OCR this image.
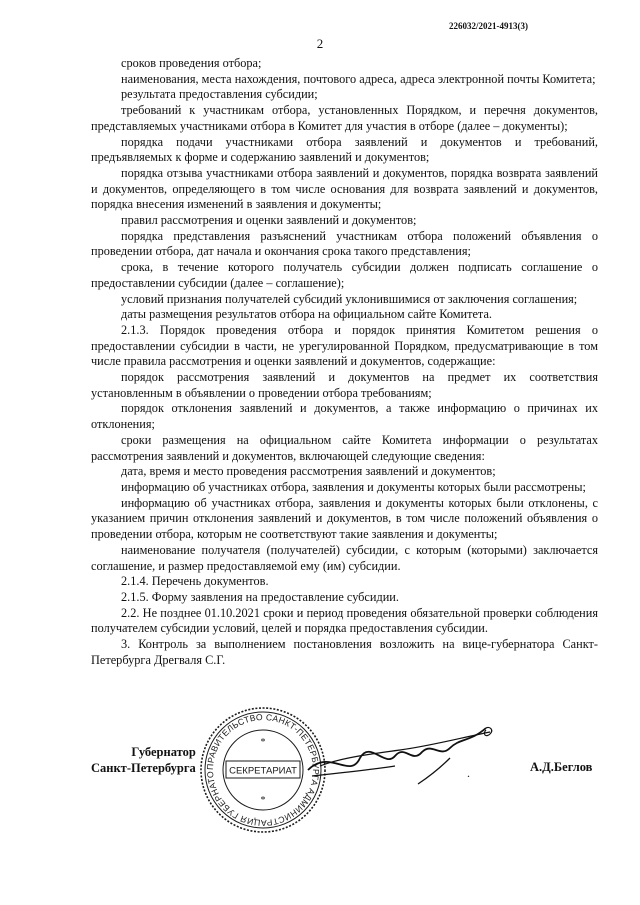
226032/2021-4913(3)
2

сроков проведения отбора;

наименования, места нахождения, почтового адреса, адреса электронной почты Комитета;

результата предоставления субсидии;

требований к участникам отбора, установленных Порядком, и перечня документов, представляемых участниками отбора в Комитет для участия в отборе (далее – документы);

порядка подачи участниками отбора заявлений и документов и требований, предъявляемых к форме и содержанию заявлений и документов;

порядка отзыва участниками отбора заявлений и документов, порядка возврата заявлений и документов, определяющего в том числе основания для возврата заявлений и документов, порядка внесения изменений в заявления и документы;

правил рассмотрения и оценки заявлений и документов;

порядка представления разъяснений участникам отбора положений объявления о проведении отбора, дат начала и окончания срока такого представления;

срока, в течение которого получатель субсидии должен подписать соглашение о предоставлении субсидии (далее – соглашение);

условий признания получателей субсидий уклонившимися от заключения соглашения;

даты размещения результатов отбора на официальном сайте Комитета.

2.1.3. Порядок проведения отбора и порядок принятия Комитетом решения о предоставлении субсидии в части, не урегулированной Порядком, предусматривающие в том числе правила рассмотрения и оценки заявлений и документов, содержащие:

порядок рассмотрения заявлений и документов на предмет их соответствия установленным в объявлении о проведении отбора требованиям;

порядок отклонения заявлений и документов, а также информацию о причинах их отклонения;

сроки размещения на официальном сайте Комитета информации о результатах рассмотрения заявлений и документов, включающей следующие сведения:

дата, время и место проведения рассмотрения заявлений и документов;

информацию об участниках отбора, заявления и документы которых были рассмотрены;

информацию об участниках отбора, заявления и документы которых были отклонены, с указанием причин отклонения заявлений и документов, в том числе положений объявления о проведении отбора, которым не соответствуют такие заявления и документы;

наименование получателя (получателей) субсидии, с которым (которыми) заключается соглашение, и размер предоставляемой ему (им) субсидии.

2.1.4. Перечень документов.

2.1.5. Форму заявления на предоставление субсидии.

2.2. Не позднее 01.10.2021 сроки и период проведения обязательной проверки соблюдения получателем субсидии условий, целей и порядка предоставления субсидии.

3. Контроль за выполнением постановления возложить на вице-губернатора Санкт-Петербурга Дрегваля С.Г.

Губернатор
Санкт-Петербурга	ПРАВИТЕЛЬСТВО САНКТ-ПЕТЕРБУРГА АДМИНИСТРАЦИЯ ГУБЕРНАТО	СЕКРЕТАРИАТ
*
*
.	А.Д.Беглов
